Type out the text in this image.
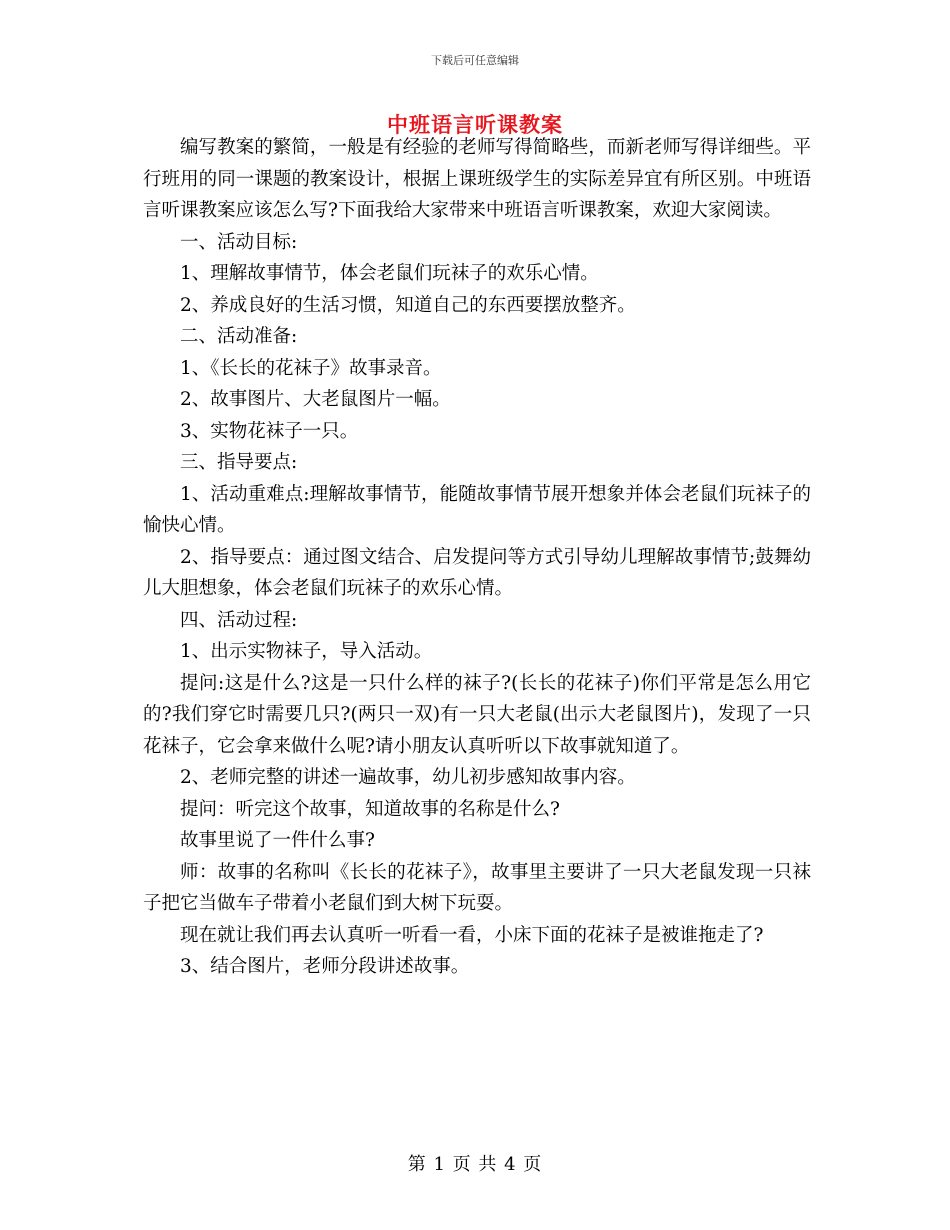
下载后可任意编辑
中班语言听课教案

编写教案的繁简，一般是有经验的老师写得简略些，而新老师写得详细些。平行班用的同一课题的教案设计，根据上课班级学生的实际差异宜有所区别。中班语言听课教案应该怎么写?下面我给大家带来中班语言听课教案，欢迎大家阅读。

一、活动目标:

1、理解故事情节，体会老鼠们玩袜子的欢乐心情。

2、养成良好的生活习惯，知道自己的东西要摆放整齐。

二、活动准备:

1、《长长的花袜子》故事录音。

2、故事图片、大老鼠图片一幅。

3、实物花袜子一只。

三、指导要点:

1、活动重难点:理解故事情节，能随故事情节展开想象并体会老鼠们玩袜子的愉快心情。

2、指导要点：通过图文结合、启发提问等方式引导幼儿理解故事情节;鼓舞幼儿大胆想象，体会老鼠们玩袜子的欢乐心情。

四、活动过程:

1、出示实物袜子，导入活动。

提问:这是什么?这是一只什么样的袜子?(长长的花袜子)你们平常是怎么用它的?我们穿它时需要几只?(两只一双)有一只大老鼠(出示大老鼠图片)，发现了一只花袜子，它会拿来做什么呢?请小朋友认真听听以下故事就知道了。

2、老师完整的讲述一遍故事，幼儿初步感知故事内容。

提问：听完这个故事，知道故事的名称是什么?

故事里说了一件什么事?

师：故事的名称叫《长长的花袜子》，故事里主要讲了一只大老鼠发现一只袜子把它当做车子带着小老鼠们到大树下玩耍。

现在就让我们再去认真听一听看一看，小床下面的花袜子是被谁拖走了?

3、结合图片，老师分段讲述故事。

第 1 页 共 4 页
